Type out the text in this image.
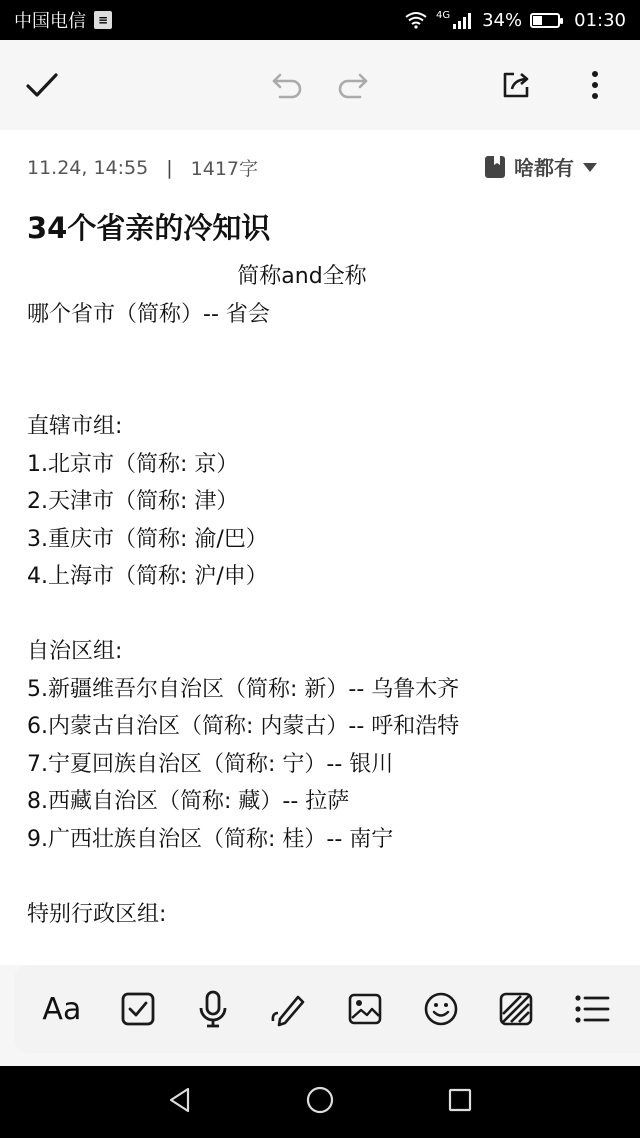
中国电信 ≡	4G 34%	01:30
11.24, 14:55 | 1417字	啥都有
34个省亲的冷知识
简称and全称
哪个省市（简称）-- 省会
直辖市组:
1.北京市（简称: 京）
2.天津市（简称: 津）
3.重庆市（简称: 渝/巴）
4.上海市（简称: 沪/申）
自治区组:
5.新疆维吾尔自治区（简称: 新）-- 乌鲁木齐
6.内蒙古自治区（简称: 内蒙古）-- 呼和浩特
7.宁夏回族自治区（简称: 宁）-- 银川
8.西藏自治区（简称: 藏）-- 拉萨
9.广西壮族自治区（简称: 桂）-- 南宁
特别行政区组:
Aa
